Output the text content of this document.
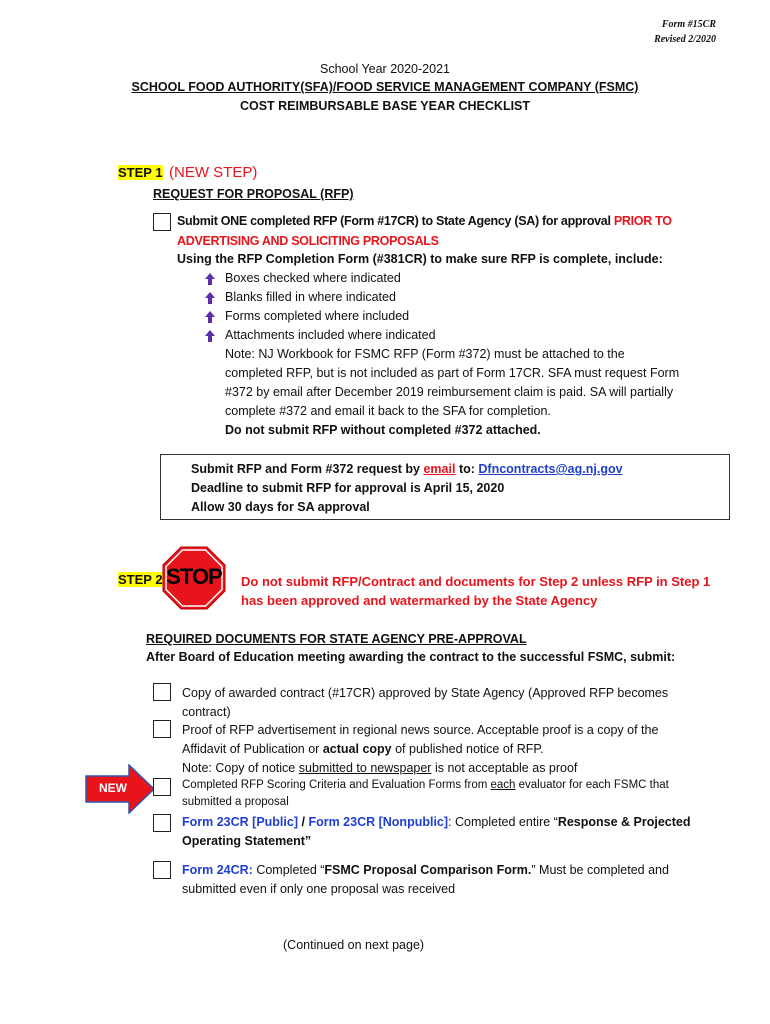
Form #15CR
Revised 2/2020
School Year 2020-2021
SCHOOL FOOD AUTHORITY(SFA)/FOOD SERVICE MANAGEMENT COMPANY (FSMC)
COST REIMBURSABLE BASE YEAR CHECKLIST
STEP 1 (NEW STEP)
REQUEST FOR PROPOSAL (RFP)
Submit ONE completed RFP (Form #17CR) to State Agency (SA) for approval PRIOR TO
ADVERTISING AND SOLICITING PROPOSALS
Using the RFP Completion Form (#381CR) to make sure RFP is complete, include:
Boxes checked where indicated
Blanks filled in where indicated
Forms completed where included
Attachments included where indicated
Note: NJ Workbook for FSMC RFP (Form #372) must be attached to the
completed RFP, but is not included as part of Form 17CR. SFA must request Form
#372 by email after December 2019 reimbursement claim is paid. SA will partially
complete #372 and email it back to the SFA for completion.
Do not submit RFP without completed #372 attached.
Submit RFP and Form #372 request by email to: Dfncontracts@ag.nj.gov
Deadline to submit RFP for approval is April 15, 2020
Allow 30 days for SA approval
STEP 2 STOP	Do not submit RFP/Contract and documents for Step 2 unless RFP in Step 1
has been approved and watermarked by the State Agency
REQUIRED DOCUMENTS FOR STATE AGENCY PRE-APPROVAL
After Board of Education meeting awarding the contract to the successful FSMC, submit:
Copy of awarded contract (#17CR) approved by State Agency (Approved RFP becomes
contract)
Proof of RFP advertisement in regional news source. Acceptable proof is a copy of the
Affidavit of Publication or actual copy of published notice of RFP.
Note: Copy of notice submitted to newspaper is not acceptable as proof
NEW	Completed RFP Scoring Criteria and Evaluation Forms from each evaluator for each FSMC that
submitted a proposal
Form 23CR [Public] / Form 23CR [Nonpublic]: Completed entire “Response & Projected
Operating Statement”
Form 24CR: Completed “FSMC Proposal Comparison Form.” Must be completed and
submitted even if only one proposal was received
(Continued on next page)
